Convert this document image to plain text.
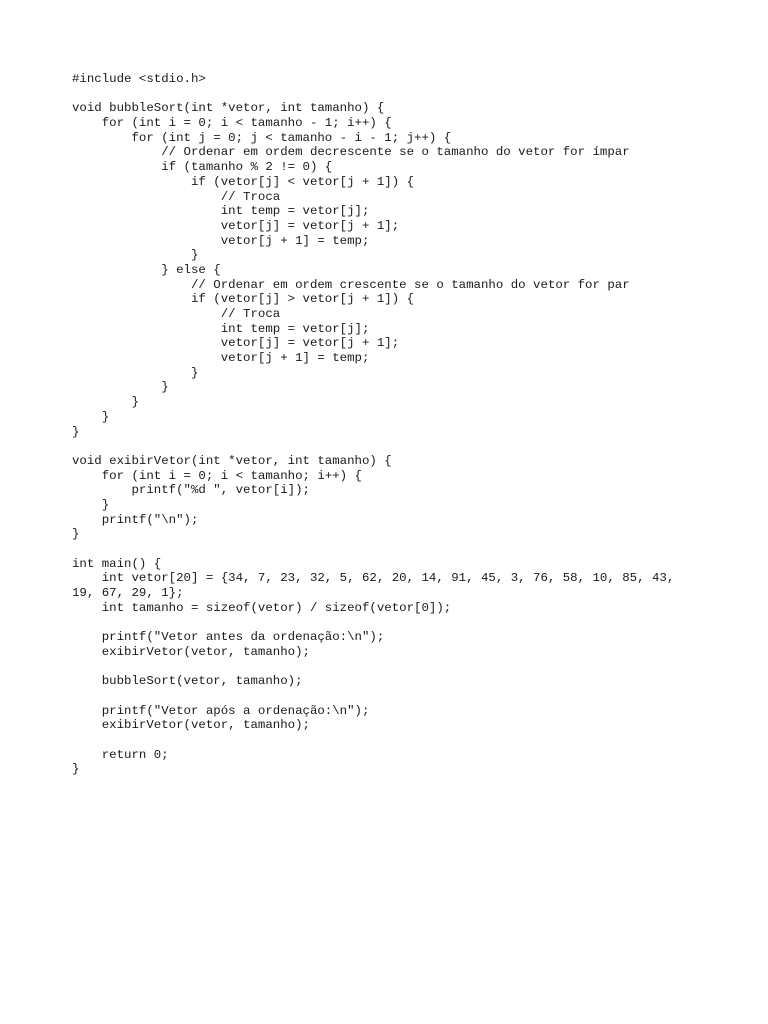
#include <stdio.h>
void bubbleSort(int *vetor, int tamanho) {
for (int i = 0; i < tamanho - 1; i++) {
for (int j = 0; j < tamanho - i - 1; j++) {
// Ordenar em ordem decrescente se o tamanho do vetor for ímpar
if (tamanho % 2 != 0) {
if (vetor[j] < vetor[j + 1]) {
// Troca
int temp = vetor[j];
vetor[j] = vetor[j + 1];
vetor[j + 1] = temp;
}
} else {
// Ordenar em ordem crescente se o tamanho do vetor for par
if (vetor[j] > vetor[j + 1]) {
// Troca
int temp = vetor[j];
vetor[j] = vetor[j + 1];
vetor[j + 1] = temp;
}
}
}
}
}
void exibirVetor(int *vetor, int tamanho) {
for (int i = 0; i < tamanho; i++) {
printf("%d ", vetor[i]);
}
printf("\n");
}
int main() {
int vetor[20] = {34, 7, 23, 32, 5, 62, 20, 14, 91, 45, 3, 76, 58, 10, 85, 43,
19, 67, 29, 1};
int tamanho = sizeof(vetor) / sizeof(vetor[0]);
printf("Vetor antes da ordenação:\n");
exibirVetor(vetor, tamanho);
bubbleSort(vetor, tamanho);
printf("Vetor após a ordenação:\n");
exibirVetor(vetor, tamanho);
return 0;
}
